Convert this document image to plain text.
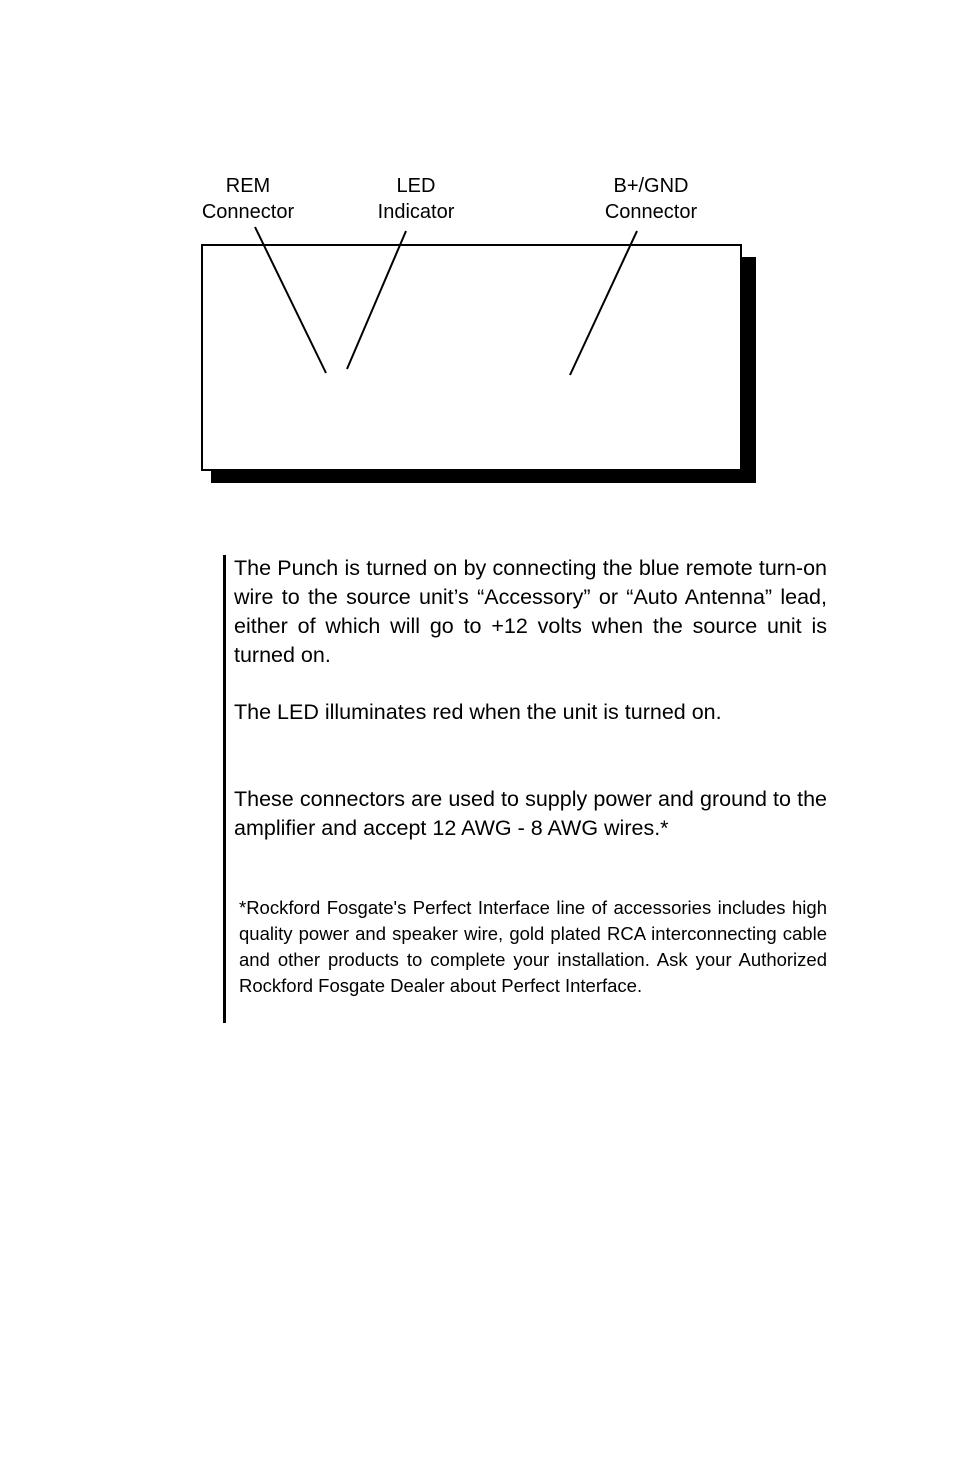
REM
Connector
LED
Indicator
B+/GND
Connector

The Punch is turned on by connecting the blue remote turn-on wire to the source unit’s “Accessory” or “Auto Antenna” lead, either of which will go to +12 volts when the source unit is turned on.

The LED illuminates red when the unit is turned on.

These connectors are used to supply power and ground to the amplifier and accept 12 AWG - 8 AWG wires.*

*Rockford Fosgate's Perfect Interface line of accessories includes high quality power and speaker wire, gold plated RCA interconnecting cable and other products to complete your installation. Ask your Authorized Rockford Fosgate Dealer about Perfect Interface.
